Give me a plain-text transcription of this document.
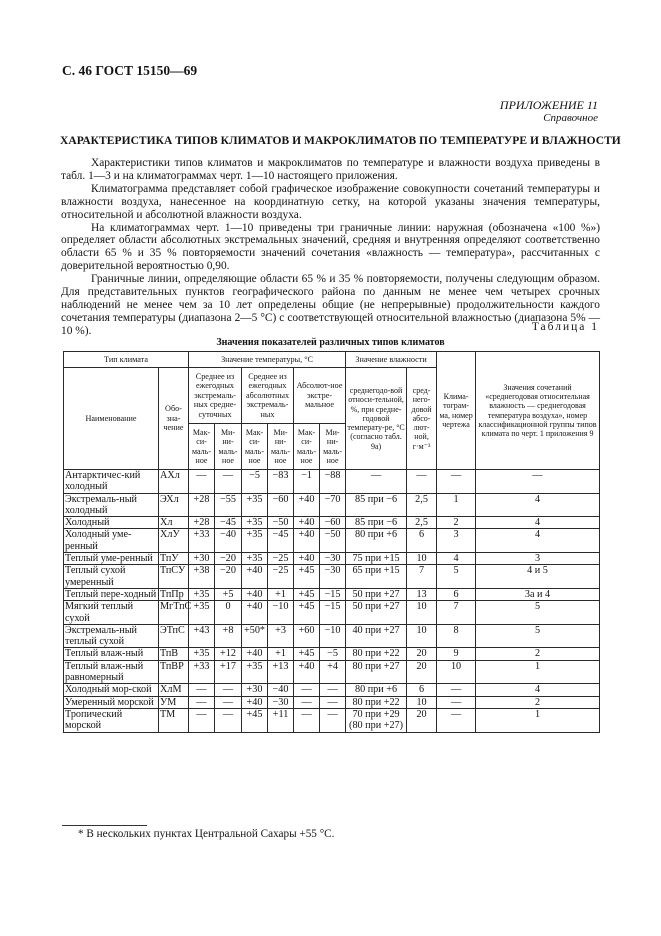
С. 46 ГОСТ 15150—69
ПРИЛОЖЕНИЕ 11
Справочное
ХАРАКТЕРИСТИКА ТИПОВ КЛИМАТОВ И МАКРОКЛИМАТОВ ПО ТЕМПЕРАТУРЕ И ВЛАЖНОСТИ

Характеристики типов климатов и макроклиматов по температуре и влажности воздуха приведены в табл. 1—3 и на климатограммах черт. 1—10 настоящего приложения.

Климатограмма представляет собой графическое изображение совокупности сочетаний температуры и влажности воздуха, нанесенное на координатную сетку, на которой указаны значения температуры, относительной и абсолютной влажности воздуха.

На климатограммах черт. 1—10 приведены три граничные линии: наружная (обозначена «100 %») определяет области абсолютных экстремальных значений, средняя и внутренняя определяют соответственно области 65 % и 35 % повторяемости значений сочетания «влажность — температура», рассчитанных с доверительной вероятностью 0,90.

Граничные линии, определяющие области 65 % и 35 % повторяемости, получены следующим образом. Для представительных пунктов географического района по данным не менее чем четырех срочных наблюдений не менее чем за 10 лет определены общие (не непрерывные) продолжительности каждого сочетания температуры (диапазона 2—5 °С) с соответствующей относительной влажностью (диапазона 5% — 10 %).	Таблица 1
Значения показателей различных типов климатов
Тип климата		Значение температуры, °С						Значение влажности		Клима-тограм-ма, номер чертежа	Значения сочетаний «среднегодовая относительная влажность — среднегодовая температура воздуха», номер классификационной группы типов климата по черт. 1 приложения 9
Наименование	Обо-зна-чение	Среднее из ежегодных экстремаль-ных средне-суточных		Среднее из ежегодных абсолютных экстремаль-ных		Абсолют-ное экстре-мальное		среднегодо-вой относи-тельной, %, при средне-годовой температу-ре, °С (согласно табл. 9а)	сред-него-довой абсо-лют-ной, г·м⁻³		
		Мак-си-маль-ное	Ми-ни-маль-ное	Мак-си-маль-ное	Ми-ни-маль-ное	Мак-си-маль-ное	Ми-ни-маль-ное				
Антарктичес-кий холодный	АХл	—	—	−5	−83	−1	−88	—	—	—	—
Экстремаль-ный холодный	ЭХл	+28	−55	+35	−60	+40	−70	85 при −6	2,5	1	4
Холодный	Хл	+28	−45	+35	−50	+40	−60	85 при −6	2,5	2	4
Холодный уме-ренный	ХлУ	+33	−40	+35	−45	+40	−50	80 при +6	6	3	4
Теплый уме-ренный	ТпУ	+30	−20	+35	−25	+40	−30	75 при +15	10	4	3
Теплый сухой умеренный	ТпСУ	+38	−20	+40	−25	+45	−30	65 при +15	7	5	4 и 5
Теплый пере-ходный	ТпПр	+35	+5	+40	+1	+45	−15	50 при +27	13	6	3a и 4
Мягкий теплый сухой	МгТпС	+35	0	+40	−10	+45	−15	50 при +27	10	7	5
Экстремаль-ный теплый сухой	ЭТпС	+43	+8	+50*	+3	+60	−10	40 при +27	10	8	5
Теплый влаж-ный	ТпВ	+35	+12	+40	+1	+45	−5	80 при +22	20	9	2
Теплый влаж-ный равномерный	ТпВР	+33	+17	+35	+13	+40	+4	80 при +27	20	10	1
Холодный мор-ской	ХлМ	—	—	+30	−40	—	—	80 при +6	6	—	4
Умеренный морской	УМ	—	—	+40	−30	—	—	80 при +22	10	—	2
Тропический морской	ТМ	—	—	+45	+11	—	—	70 при +29 (80 при +27)	20	—	1
* В нескольких пунктах Центральной Сахары +55 °С.
